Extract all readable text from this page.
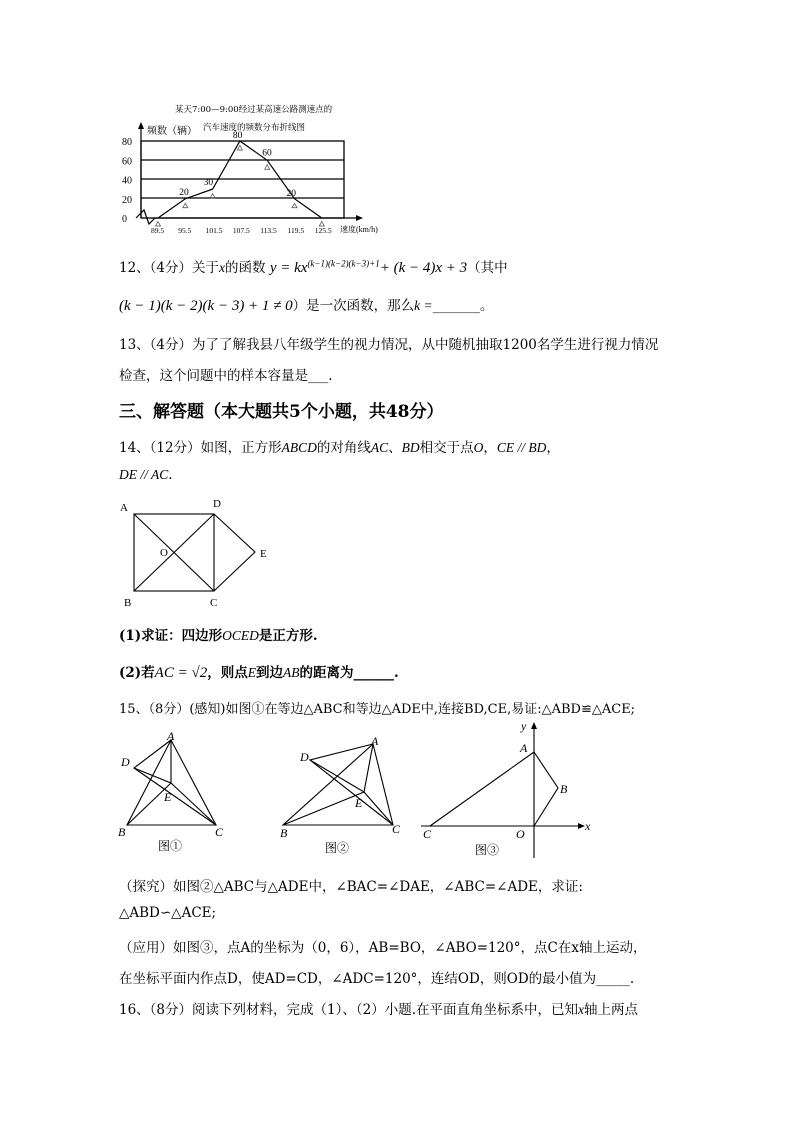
某天7:00—9:00经过某高速公路测速点的
汽车速度的频数分布折线图
0
20
40
60
80
89.5 95.5 101.5 107.5 113.5 119.5 125.5
20
30
80
60
20
速度(km/h)
频数（辆）
12、（4分）关于x的函数 $y = kx^{(k-1)(k-2)(k-3)+1}+ (k - 4)x + 3$（其中
(k − 1)(k − 2)(k − 3) + 1 ≠ 0）是一次函数，那么k =_______。
13、（4分）为了了解我县八年级学生的视力情况，从中随机抽取1200名学生进行视力情况
检查，这个问题中的样本容量是___.
三、解答题（本大题共5个小题，共48分）
14、（12分）如图，正方形ABCD的对角线AC、BD相交于点O，CE // BD，
DE // AC.
A	D
B	C
O	E
(1)求证：四边形OCED是正方形.
(2)若AC = √2，则点E到边AB的距离为______.
15、（8分）(感知)如图①在等边△ABC和等边△ADE中,连接BD,CE,易证:△ABD≌△ACE;
A
D
E
B	C
图①
A
D
E
B	C
图②
A
B
C	O
x
y
图③
（探究）如图②△ABC与△ADE中，∠BAC=∠DAE，∠ABC=∠ADE，求证:
△ABD∽△ACE;
（应用）如图③，点A的坐标为（0，6），AB=BO，∠ABO=120°，点C在x轴上运动，
在坐标平面内作点D，使AD=CD，∠ADC=120°，连结OD，则OD的最小值为_____.
16、（8分）阅读下列材料，完成（1）、（2）小题.在平面直角坐标系中，已知x轴上两点
